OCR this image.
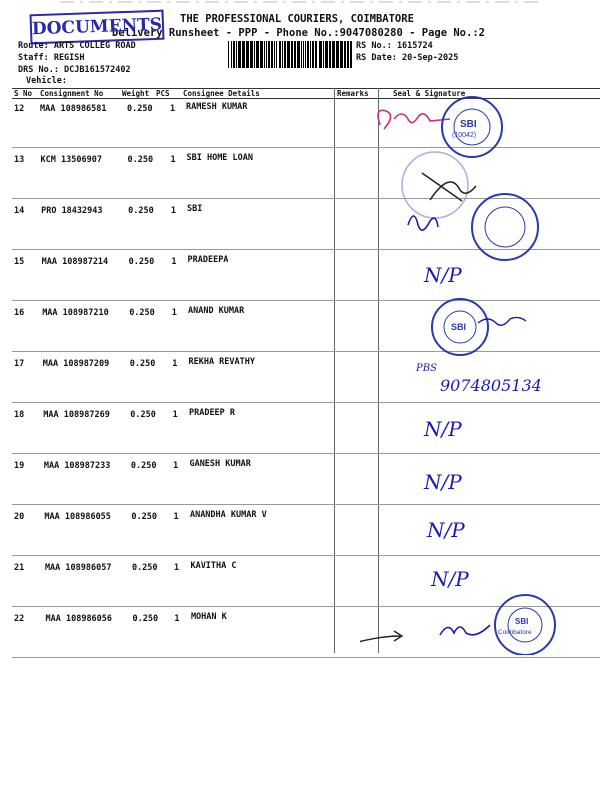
THE PROFESSIONAL COURIERS, COIMBATORE
Delivery Runsheet - PPP - Phone No.:9047080280 - Page No.:2
DOCUMENTS
Route: ARTS COLLEG ROAD
Staff: REGISH
DRS No.: DCJB161572402
Vehicle:
RS No.: 1615724
RS Date: 20-Sep-2025
S No Consignment No	Weight PCS Consignee Details	Remarks	Seal & Signature
12 MAA 108986581 0.250 1 RAMESH KUMAR
13 KCM 13506907	0.250 1 SBI HOME LOAN
14 PRO 18432943	0.250 1 SBI
15 MAA 108987214 0.250 1 PRADEEPA
16 MAA 108987210 0.250 1 ANAND KUMAR
17 MAA 108987209 0.250 1 REKHA REVATHY
18 MAA 108987269 0.250 1 PRADEEP R
19 MAA 108987233 0.250 1 GANESH KUMAR
20 MAA 108986055 0.250 1 ANANDHA KUMAR V
21 MAA 108986057 0.250 1 KAVITHA C
22	MAA 108986056 0.250 1 MOHAN K
SBI
(10042)
SBI
SBI
Coimbatore
N/P
PBS
9074805134
N/P
N/P
N/P
N/P
